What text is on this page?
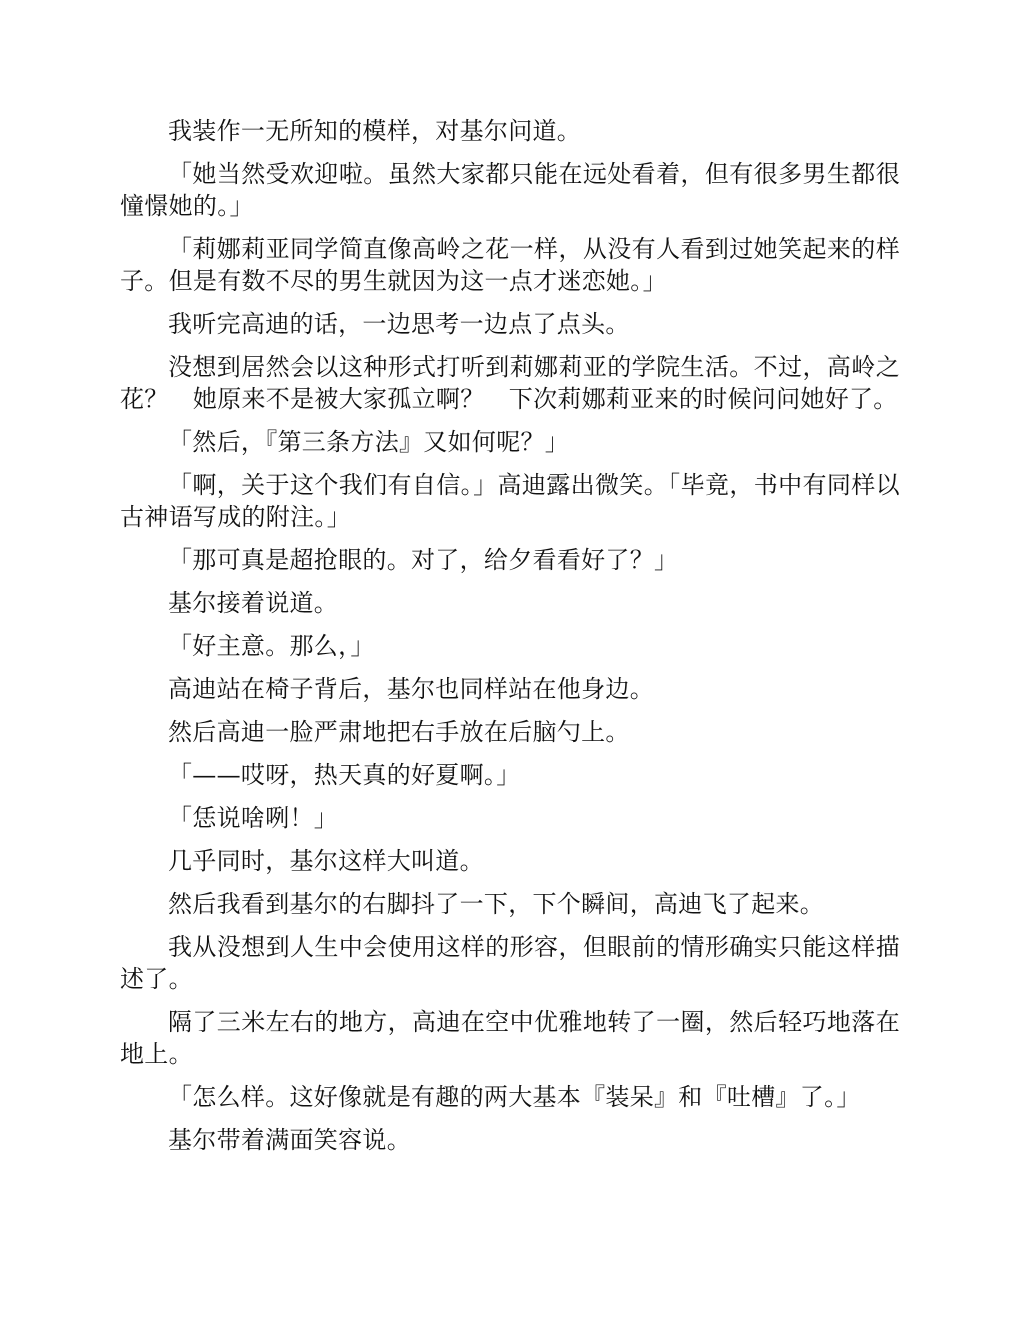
我装作一无所知的模样，对基尔问道。

「她当然受欢迎啦。虽然大家都只能在远处看着，但有很多男生都很憧憬她的。」

「莉娜莉亚同学简直像高岭之花一样，从没有人看到过她笑起来的样子。但是有数不尽的男生就因为这一点才迷恋她。」

我听完高迪的话，一边思考一边点了点头。

没想到居然会以这种形式打听到莉娜莉亚的学院生活。不过，高岭之花？　她原来不是被大家孤立啊？　下次莉娜莉亚来的时候问问她好了。

「然后，『第三条方法』又如何呢？」

「啊，关于这个我们有自信。」高迪露出微笑。「毕竟，书中有同样以古神语写成的附注。」

「那可真是超抢眼的。对了，给夕看看好了？」

基尔接着说道。

「好主意。那么，」

高迪站在椅子背后，基尔也同样站在他身边。

然后高迪一脸严肃地把右手放在后脑勺上。

「——哎呀，热天真的好夏啊。」

「恁说啥咧！」

几乎同时，基尔这样大叫道。

然后我看到基尔的右脚抖了一下，下个瞬间，高迪飞了起来。

我从没想到人生中会使用这样的形容，但眼前的情形确实只能这样描述了。

隔了三米左右的地方，高迪在空中优雅地转了一圈，然后轻巧地落在地上。

「怎么样。这好像就是有趣的两大基本『装呆』和『吐槽』了。」

基尔带着满面笑容说。
